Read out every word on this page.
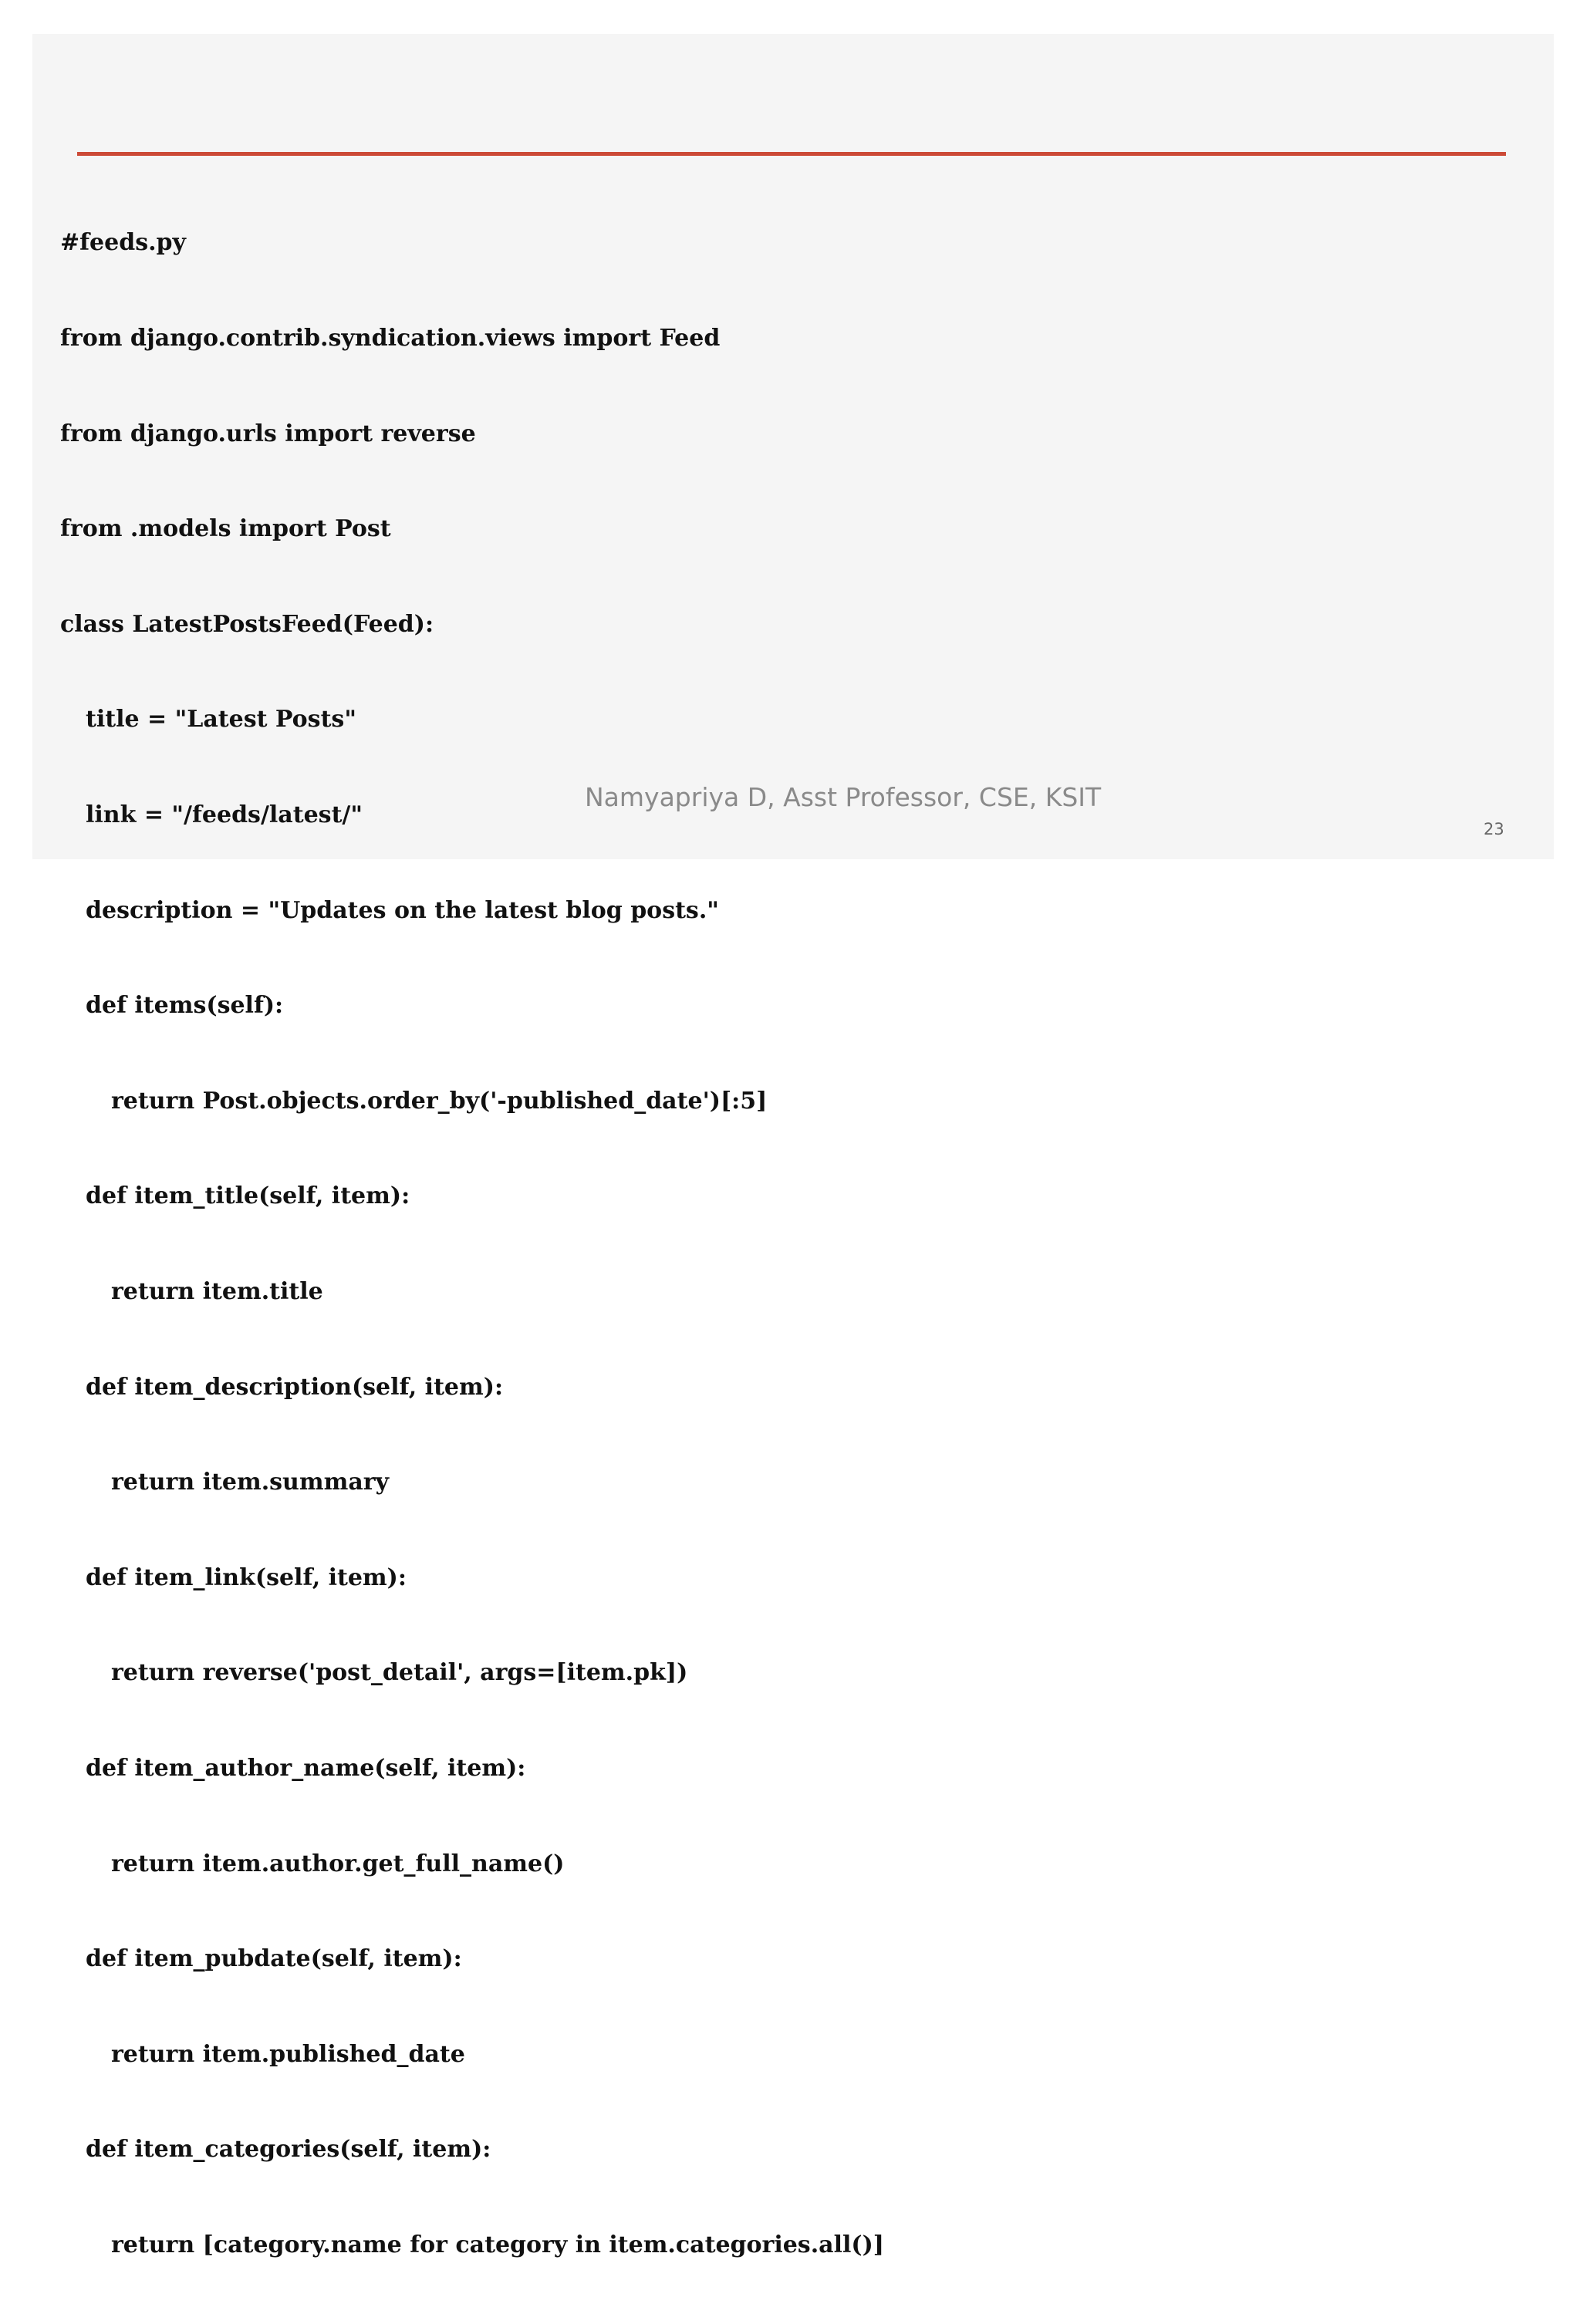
#feeds.py

from django.contrib.syndication.views import Feed

from django.urls import reverse

from .models import Post

class LatestPostsFeed(Feed):

title = "Latest Posts"

link = "/feeds/latest/"

description = "Updates on the latest blog posts."

def items(self):

return Post.objects.order_by('-published_date')[:5]

def item_title(self, item):

return item.title

def item_description(self, item):

return item.summary

def item_link(self, item):

return reverse('post_detail', args=[item.pk])

def item_author_name(self, item):

return item.author.get_full_name()

def item_pubdate(self, item):

return item.published_date

def item_categories(self, item):

return [category.name for category in item.categories.all()]

Namyapriya D, Asst Professor, CSE, KSIT
23
